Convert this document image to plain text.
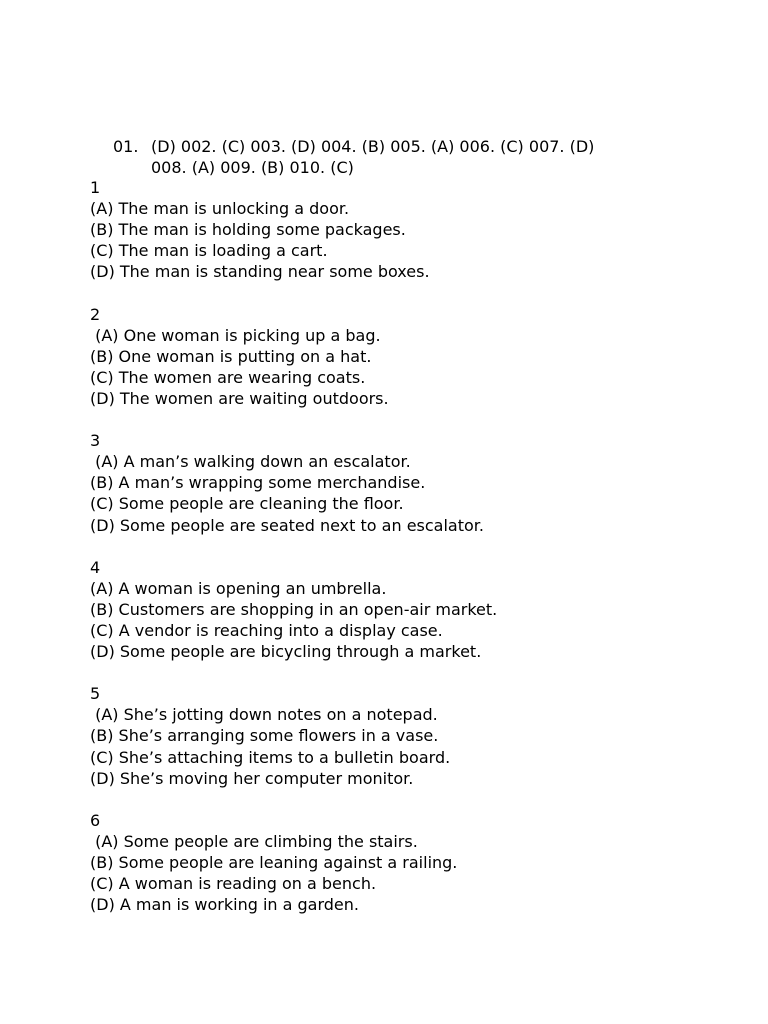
01. (D) 002. (C) 003. (D) 004. (B) 005. (A) 006. (C) 007. (D)
008. (A) 009. (B) 010. (C)
1
(A) The man is unlocking a door.
(B) The man is holding some packages.
(C) The man is loading a cart.
(D) The man is standing near some boxes.
2
(A) One woman is picking up a bag.
(B) One woman is putting on a hat.
(C) The women are wearing coats.
(D) The women are waiting outdoors.
3
(A) A man’s walking down an escalator.
(B) A man’s wrapping some merchandise.
(C) Some people are cleaning the floor.
(D) Some people are seated next to an escalator.
4
(A) A woman is opening an umbrella.
(B) Customers are shopping in an open-air market.
(C) A vendor is reaching into a display case.
(D) Some people are bicycling through a market.
5
(A) She’s jotting down notes on a notepad.
(B) She’s arranging some flowers in a vase.
(C) She’s attaching items to a bulletin board.
(D) She’s moving her computer monitor.
6
(A) Some people are climbing the stairs.
(B) Some people are leaning against a railing.
(C) A woman is reading on a bench.
(D) A man is working in a garden.
